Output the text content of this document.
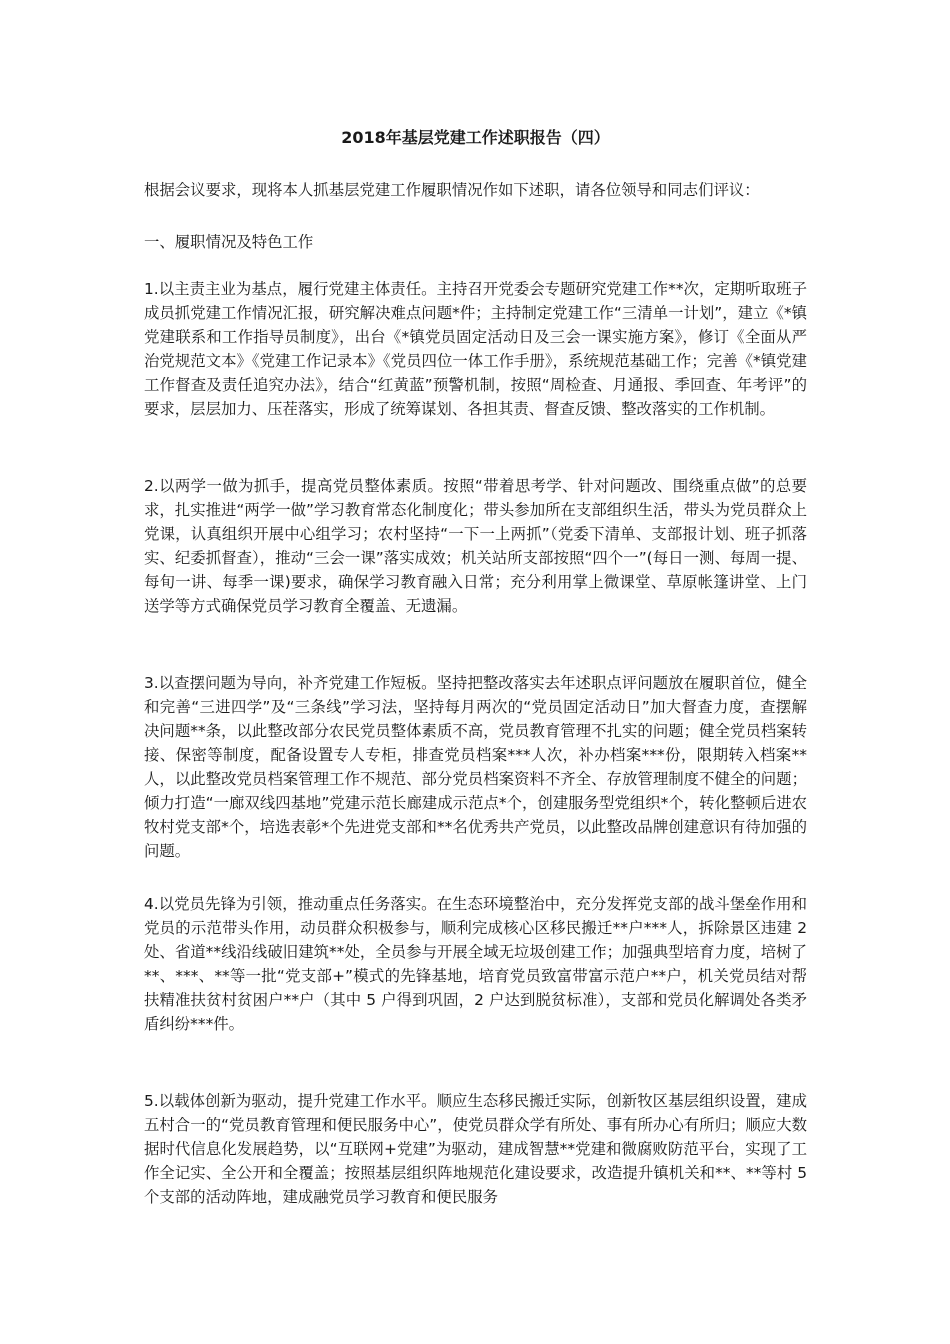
2018年基层党建工作述职报告（四）

根据会议要求，现将本人抓基层党建工作履职情况作如下述职，请各位领导和同志们评议：

一、履职情况及特色工作

1.以主责主业为基点，履行党建主体责任。主持召开党委会专题研究党建工作**次，定期听取班子成员抓党建工作情况汇报，研究解决难点问题*件；主持制定党建工作“三清单一计划”，建立《*镇党建联系和工作指导员制度》，出台《*镇党员固定活动日及三会一课实施方案》，修订《全面从严治党规范文本》《党建工作记录本》《党员四位一体工作手册》，系统规范基础工作；完善《*镇党建工作督查及责任追究办法》，结合“红黄蓝”预警机制，按照“周检查、月通报、季回查、年考评”的要求，层层加力、压茬落实，形成了统筹谋划、各担其责、督查反馈、整改落实的工作机制。

2.以两学一做为抓手，提高党员整体素质。按照“带着思考学、针对问题改、围绕重点做”的总要求，扎实推进“两学一做”学习教育常态化制度化；带头参加所在支部组织生活，带头为党员群众上党课，认真组织开展中心组学习；农村坚持“一下一上两抓”（党委下清单、支部报计划、班子抓落实、纪委抓督查），推动“三会一课”落实成效；机关站所支部按照“四个一”(每日一测、每周一提、每旬一讲、每季一课)要求，确保学习教育融入日常；充分利用掌上微课堂、草原帐篷讲堂、上门送学等方式确保党员学习教育全覆盖、无遗漏。

3.以查摆问题为导向，补齐党建工作短板。坚持把整改落实去年述职点评问题放在履职首位，健全和完善“三进四学”及“三条线”学习法，坚持每月两次的“党员固定活动日”加大督查力度，查摆解决问题**条，以此整改部分农民党员整体素质不高，党员教育管理不扎实的问题；健全党员档案转接、保密等制度，配备设置专人专柜，排查党员档案***人次，补办档案***份，限期转入档案**人，以此整改党员档案管理工作不规范、部分党员档案资料不齐全、存放管理制度不健全的问题；倾力打造“一廊双线四基地”党建示范长廊建成示范点*个，创建服务型党组织*个，转化整顿后进农牧村党支部*个，培选表彰*个先进党支部和**名优秀共产党员，以此整改品牌创建意识有待加强的问题。

4.以党员先锋为引领，推动重点任务落实。在生态环境整治中，充分发挥党支部的战斗堡垒作用和党员的示范带头作用，动员群众积极参与，顺利完成核心区移民搬迁**户***人，拆除景区违建 2 处、省道**线沿线破旧建筑**处，全员参与开展全域无垃圾创建工作；加强典型培育力度，培树了**、***、**等一批“党支部+”模式的先锋基地，培育党员致富带富示范户**户，机关党员结对帮扶精准扶贫村贫困户**户（其中 5 户得到巩固，2 户达到脱贫标准），支部和党员化解调处各类矛盾纠纷***件。

5.以载体创新为驱动，提升党建工作水平。顺应生态移民搬迁实际，创新牧区基层组织设置，建成五村合一的“党员教育管理和便民服务中心”，使党员群众学有所处、事有所办心有所归；顺应大数据时代信息化发展趋势，以“互联网+党建”为驱动，建成智慧**党建和微腐败防范平台，实现了工作全记实、全公开和全覆盖；按照基层组织阵地规范化建设要求，改造提升镇机关和**、**等村 5 个支部的活动阵地，建成融党员学习教育和便民服务
